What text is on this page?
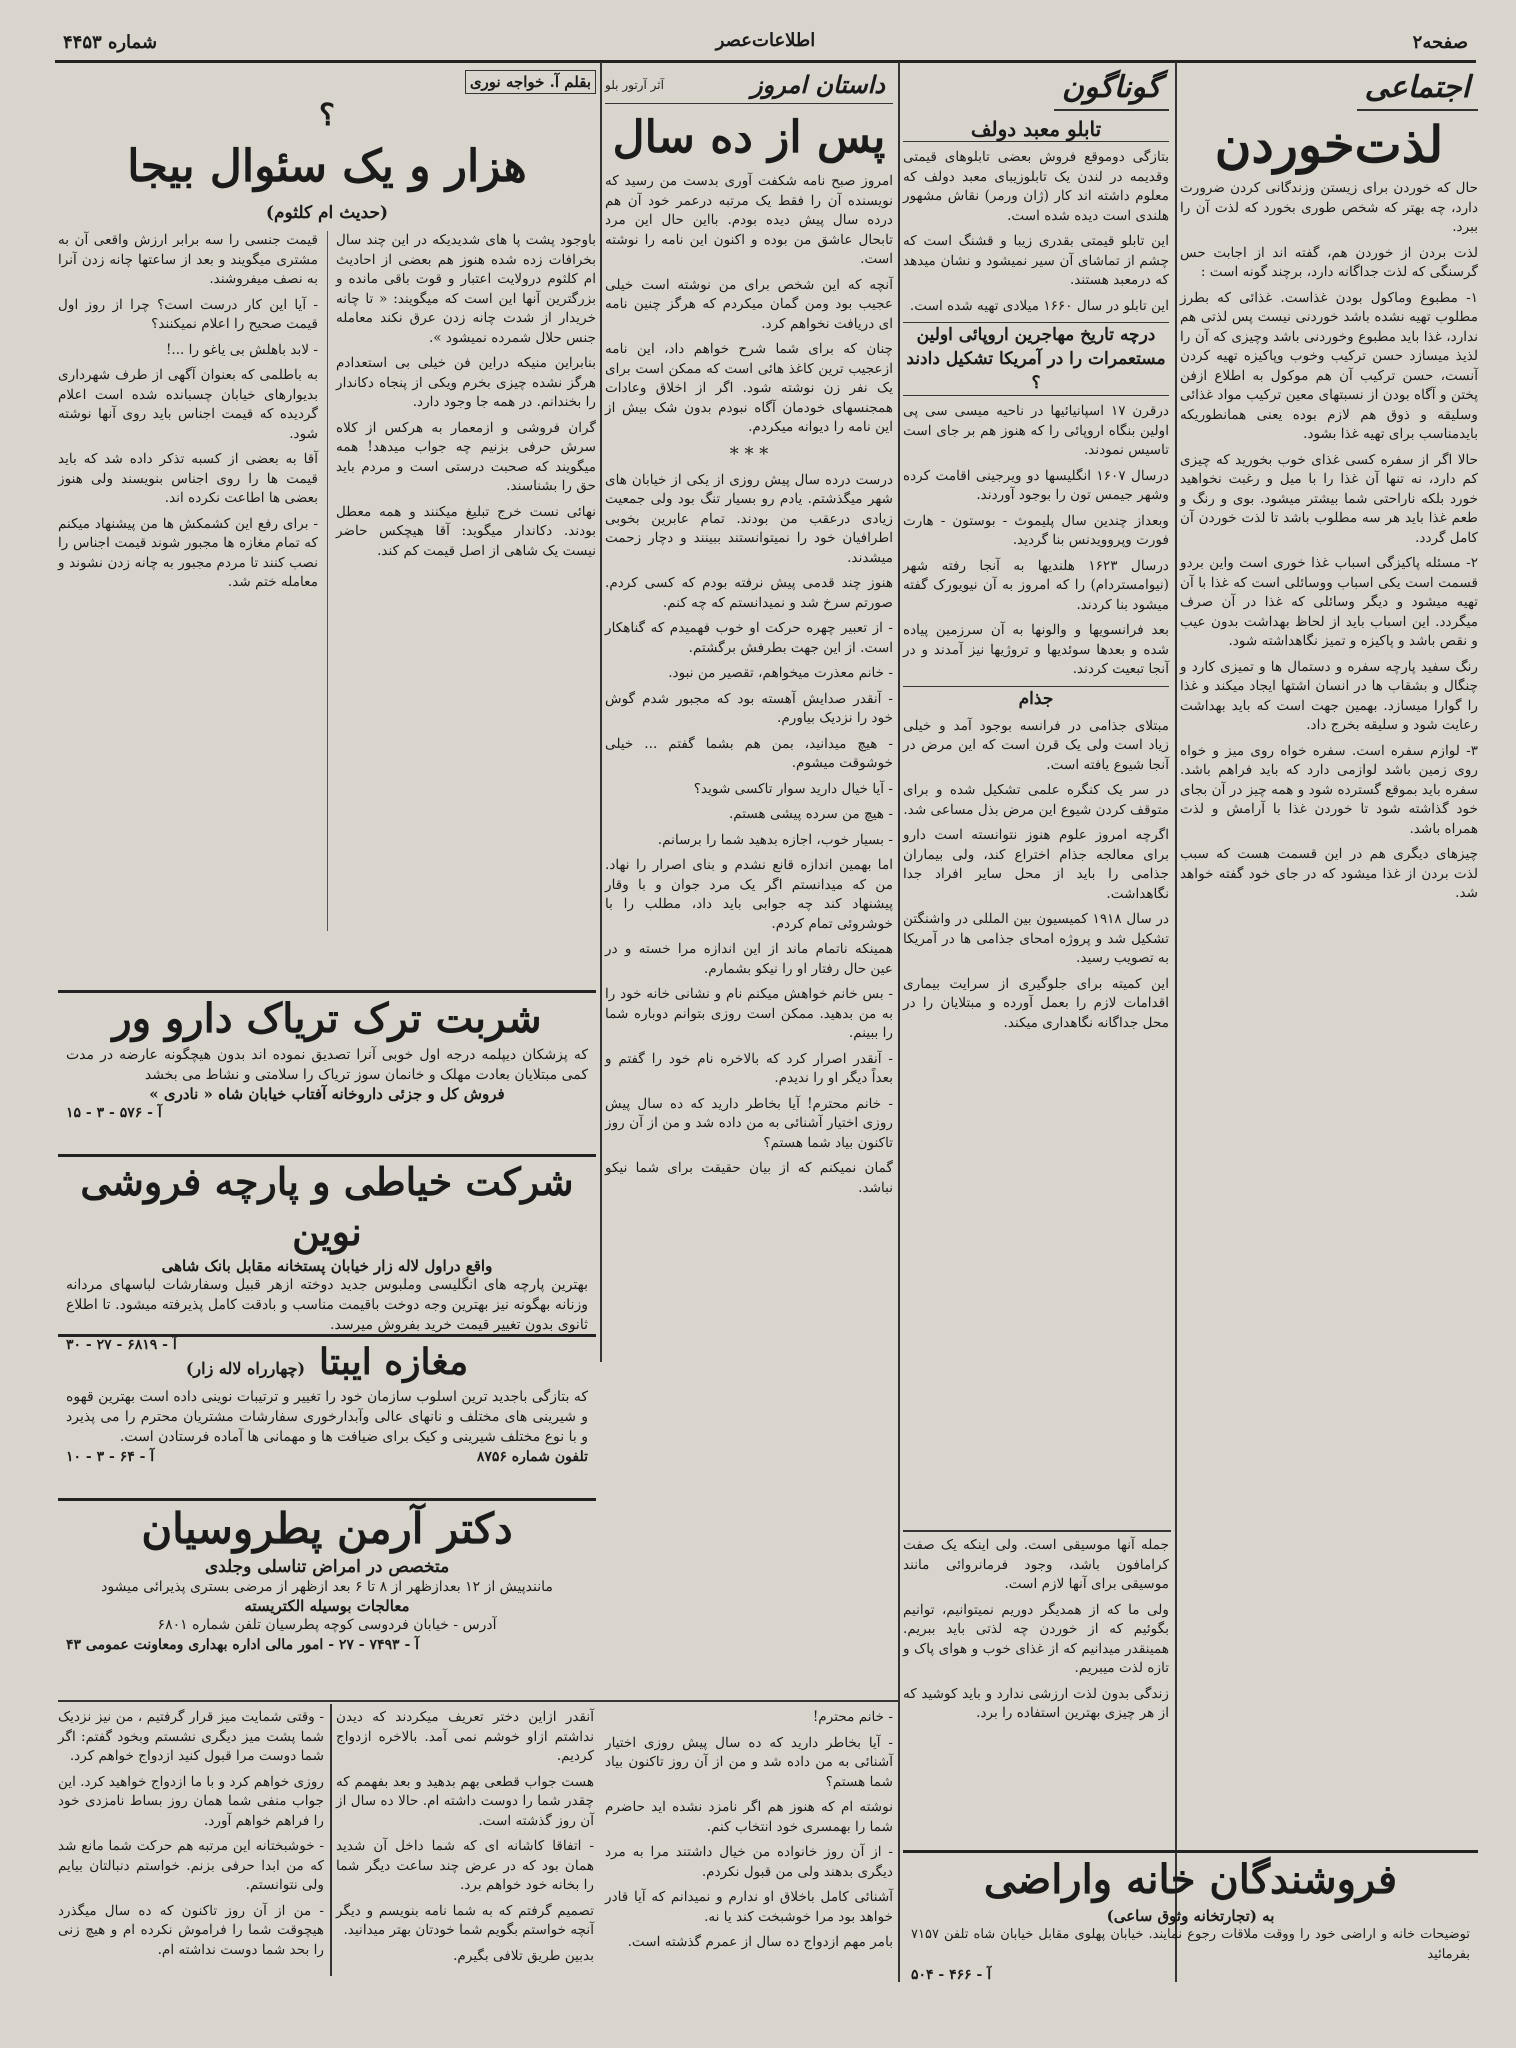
صفحه۲
اطلاعات‌عصر
شماره ۴۴۵۳
اجتماعی
لذت‌خوردن

حال که خوردن برای زیستن وزندگانی کردن ضرورت دارد، چه بهتر که شخص طوری بخورد که لذت آن را ببرد.

لذت بردن از خوردن هم، گفته اند از اجابت حس گرسنگی که لذت جداگانه دارد، برچند گونه است :

۱- مطبوع وماکول بودن غذاست. غذائی که بطرز مطلوب تهیه نشده باشد خوردنی نیست پس لذتی هم ندارد، غذا باید مطبوع وخوردنی باشد وچیزی که آن را لذیذ میسازد حسن ترکیب وخوب وپاکیزه تهیه کردن آنست، حسن ترکیب آن هم موکول به اطلاع ازفن پختن و آگاه بودن از نسبتهای معین ترکیب مواد غذائی وسلیقه و ذوق هم لازم بوده یعنی همانطوریکه بایدمناسب برای تهیه غذا بشود.

حالا اگر از سفره کسی غذای خوب بخورید که چیزی کم دارد، نه تنها آن غذا را با میل و رغبت نخواهید خورد بلکه ناراحتی شما بیشتر میشود. بوی و رنگ و طعم غذا باید هر سه مطلوب باشد تا لذت خوردن آن کامل گردد.

۲- مسئله پاکیزگی اسباب غذا خوری است واین بردو قسمت است یکی اسباب ووسائلی است که غذا با آن تهیه میشود و دیگر وسائلی که غذا در آن صرف میگردد. این اسباب باید از لحاظ بهداشت بدون عیب و نقص باشد و پاکیزه و تمیز نگاهداشته شود.

رنگ سفید پارچه سفره و دستمال ها و تمیزی کارد و چنگال و بشقاب ها در انسان اشتها ایجاد میکند و غذا را گوارا میسازد. بهمین جهت است که باید بهداشت رعایت شود و سلیقه بخرج داد.

۳- لوازم سفره است. سفره خواه روی میز و خواه روی زمین باشد لوازمی دارد که باید فراهم باشد. سفره باید بموقع گسترده شود و همه چیز در آن بجای خود گذاشته شود تا خوردن غذا با آرامش و لذت همراه باشد.

چیزهای دیگری هم در این قسمت هست که سبب لذت بردن از غذا میشود که در جای خود گفته خواهد شد.

گوناگون
تابلو معبد دولف

بتازگی دوموقع فروش بعضی تابلوهای قیمتی وقدیمه در لندن یک تابلوزیبای معبد دولف که معلوم داشته اند کار (ژان ورمر) نقاش مشهور هلندی است دیده شده است.

این تابلو قیمتی بقدری زیبا و قشنگ است که چشم از تماشای آن سیر نمیشود و نشان میدهد که درمعبد هستند.

این تابلو در سال ۱۶۶۰ میلادی تهیه شده است.

درچه تاریخ مهاجرین اروپائی اولین مستعمرات را در آمریکا تشکیل دادند ؟

درقرن ۱۷ اسپانیائیها در ناحیه میسی سی پی اولین بنگاه اروپائی را که هنوز هم بر جای است تاسیس نمودند.

درسال ۱۶۰۷ انگلیسها دو ویرجینی اقامت کرده وشهر جیمس تون را بوجود آوردند.

وبعداز چندین سال پلیموث - بوستون - هارت فورت وپروویدنس بنا گردید.

درسال ۱۶۲۳ هلندیها به آنجا رفته شهر (نیوامستردام) را که امروز به آن نیویورک گفته میشود بنا کردند.

بعد فرانسویها و والونها به آن سرزمین پیاده شده و بعدها سوئدیها و تروژیها نیز آمدند و در آنجا تبعیت کردند.

جذام

مبتلای جذامی در فرانسه بوجود آمد و خیلی زیاد است ولی یک قرن است که این مرض در آنجا شیوع یافته است.

در سر یک کنگره علمی تشکیل شده و برای متوقف کردن شیوع این مرض بذل مساعی شد.

اگرچه امروز علوم هنوز نتوانسته است دارو برای معالجه جذام اختراع کند، ولی بیماران جذامی را باید از محل سایر افراد جدا نگاهداشت.

در سال ۱۹۱۸ کمیسیون بین المللی در واشنگتن تشکیل شد و پروژه امحای جذامی ها در آمریکا به تصویب رسید.

این کمیته برای جلوگیری از سرایت بیماری اقدامات لازم را بعمل آورده و مبتلایان را در محل جداگانه نگاهداری میکند.

جمله آنها موسیقی است. ولی اینکه یک صفت کرامافون باشد، وجود فرمانروائی مانند موسیقی برای آنها لازم است.

ولی ما که از همدیگر دوریم نمیتوانیم، توانیم بگوئیم که از خوردن چه لذتی باید ببریم. همینقدر میدانیم که از غذای خوب و هوای پاک و تازه لذت میبریم.

زندگی بدون لذت ارزشی ندارد و باید کوشید که از هر چیزی بهترین استفاده را برد.

داستان امروز
آثر آرتور بلو
پس از ده سال

امروز صبح نامه شکفت آوری بدست من رسید که نویسنده آن را فقط یک مرتبه درعمر خود آن هم درده سال پیش دیده بودم. بااین حال این مرد تابحال عاشق من بوده و اکنون این نامه را نوشته است.

آنچه که این شخص برای من نوشته است خیلی عجیب بود ومن گمان میکردم که هرگز چنین نامه ای دریافت نخواهم کرد.

چنان که برای شما شرح خواهم داد، این نامه ازعجیب ترین کاغذ هائی است که ممکن است برای یک نفر زن نوشته شود. اگر از اخلاق وعادات همجنسهای خودمان آگاه نبودم بدون شک بیش از این نامه را دیوانه میکردم.

* * *

درست درده سال پیش روزی از یکی از خیابان های شهر میگذشتم. یادم رو بسیار تنگ بود ولی جمعیت زیادی درعقب من بودند. تمام عابرین بخوبی اطرافیان خود را نمیتوانستند ببینند و دچار زحمت میشدند.

هنوز چند قدمی پیش نرفته بودم که کسی کردم. صورتم سرخ شد و نمیدانستم که چه کنم.

- از تعبیر چهره حرکت او خوب فهمیدم که گناهکار است. از این جهت بطرفش برگشتم.

- خانم معذرت میخواهم، تقصیر من نبود.

- آنقدر صدایش آهسته بود که مجبور شدم گوش خود را نزدیک بیاورم.

- هیچ میدانید، بمن هم بشما گفتم ... خیلی خوشوقت میشوم.

- آیا خیال دارید سوار تاکسی شوید؟

- هیچ من سرده پیشی هستم.

- بسیار خوب، اجازه بدهید شما را برسانم.

اما بهمین اندازه قانع نشدم و بنای اصرار را نهاد. من که میدانستم اگر یک مرد جوان و با وقار پیشنهاد کند چه جوابی باید داد، مطلب را با خوشروئی تمام کردم.

همینکه ناتمام ماند از این اندازه مرا خسته و در عین حال رفتار او را نیکو بشمارم.

- بس خانم خواهش میکنم نام و نشانی خانه خود را به من بدهید. ممکن است روزی بتوانم دوباره شما را ببینم.

- آنقدر اصرار کرد که بالاخره نام خود را گفتم و بعداً دیگر او را ندیدم.

- خانم محترم! آیا بخاطر دارید که ده سال پیش روزی اختیار آشنائی به من داده شد و من از آن روز تاکنون بیاد شما هستم؟

گمان نمیکنم که از بیان حقیقت برای شما نیکو نباشد.

بقلم آ. خواجه نوری
؟
هزار و یک سئوال بیجا
(حدیث ام کلثوم)

باوجود پشت پا های شدیدیکه در این چند سال بخرافات زده شده هنوز هم بعضی از احادیث ام کلثوم درولایت اعتبار و قوت باقی مانده و بزرگترین آنها این است که میگویند: « تا چانه خریدار از شدت چانه زدن عرق نکند معامله جنس حلال شمرده نمیشود ».

بنابراین منیکه دراین فن خیلی بی استعدادم هرگز نشده چیزی بخرم ویکی از پنجاه دکاندار را بخندانم. در همه جا وجود دارد.

گران فروشی و ازمعمار به هرکس از کلاه سرش حرفی بزنیم چه جواب میدهد! همه میگویند که صحبت درستی است و مردم باید حق را بشناسند.

نهائی نست خرج تبلیغ میکنند و همه معطل بودند. دکاندار میگوید: آقا هیچکس حاضر نیست یک شاهی از اصل قیمت کم کند.

قیمت جنسی را سه برابر ارزش واقعی آن به مشتری میگویند و بعد از ساعتها چانه زدن آنرا به نصف میفروشند.

- آیا این کار درست است؟ چرا از روز اول قیمت صحیح را اعلام نمیکنند؟

- لابد باهلش بی یاغو را ...!

به باطلمی که بعنوان آگهی از طرف شهرداری بدیوارهای خیابان چسبانده شده است اعلام گردیده که قیمت اجناس باید روی آنها نوشته شود.

آقا به بعضی از کسبه تذکر داده شد که باید قیمت ها را روی اجناس بنویسند ولی هنوز بعضی ها اطاعت نکرده اند.

- برای رفع این کشمکش ها من پیشنهاد میکنم که تمام مغازه ها مجبور شوند قیمت اجناس را نصب کنند تا مردم مجبور به چانه زدن نشوند و معامله ختم شد.

شربت ترک تریاک دارو ور
که پزشکان دیپلمه درجه اول خوبی آنرا تصدیق نموده اند بدون هیچگونه عارضه در مدت کمی مبتلایان بعادت مهلک و خانمان سوز تریاک را سلامتی و نشاط می بخشد
فروش کل و جزئی داروخانه آفتاب خیابان شاه « نادری »
آ - ۵۷۶ - ۳ - ۱۵
شرکت خیاطی و پارچه فروشی نوین
واقع دراول لاله زار خیابان پستخانه مقابل بانک شاهی
بهترین پارچه های انگلیسی وملبوس جدید دوخته ازهر قبیل وسفارشات لباسهای مردانه وزنانه بهگونه نیز بهترین وجه دوخت باقیمت مناسب و بادقت کامل پذیرفته میشود. تا اطلاع ثانوی بدون تغییر قیمت خرید بفروش میرسد.
آ - ۶۸۱۹ - ۲۷ - ۳۰	مغازه ایبتا
(چهارراه لاله زار)
که بتازگی باجدید ترین اسلوب سازمان خود را تغییر و ترتیبات نوینی داده است بهترین قهوه و شیرینی های مختلف و نانهای عالی وآبدارخوری سفارشات مشتریان محترم را می پذیرد و با نوع مختلف شیرینی و کیک برای ضیافت ها و مهمانی ها آماده فرستادن است.
تلفون شماره ۸۷۵۶
آ - ۶۴ - ۳ - ۱۰
دکتر آرمن پطروسیان
متخصص در امراض تناسلی وجلدی
مانندپیش از ۱۲ بعدازظهر از ۸ تا ۶ بعد ازظهر از مرضی بستری پذیرائی میشود
معالجات بوسیله الکتریسته
آدرس - خیابان فردوسی کوچه پطرسیان تلفن شماره ۶۸۰۱
آ - ۷۴۹۳ - ۲۷ - امور مالی اداره بهداری ومعاونت عمومی ۴۳

- وقتی شمایت میز قرار گرفتیم ، من نیز نزدیک شما پشت میز دیگری نشستم وبخود گفتم: اگر شما دوست مرا قبول کنید ازدواج خواهم کرد.

روزی خواهم کرد و با ما ازدواج خواهید کرد. این جواب منفی شما همان روز بساط نامزدی خود را فراهم خواهم آورد.

- خوشبختانه این مرتبه هم حرکت شما مانع شد که من ابدا حرفی بزنم. خواستم دنبالتان بیایم ولی نتوانستم.

- من از آن روز تاکنون که ده سال میگذرد هیچوقت شما را فراموش نکرده ام و هیچ زنی را بحد شما دوست نداشته ام.

آنقدر ازاین دختر تعریف میکردند که دیدن نداشتم ازاو خوشم نمی آمد. بالاخره ازدواج کردیم.

هست جواب قطعی بهم بدهید و بعد بفهمم که چقدر شما را دوست داشته ام. حالا ده سال از آن روز گذشته است.

- اتفاقا کاشانه ای که شما داخل آن شدید همان بود که در عرض چند ساعت دیگر شما را بخانه خود خواهم برد.

تصمیم گرفتم که به شما نامه بنویسم و دیگر آنچه خواستم بگویم شما خودتان بهتر میدانید.

بدبین طریق تلافی بگیرم.

- خانم محترم!

- آیا بخاطر دارید که ده سال پیش روزی اختیار آشنائی به من داده شد و من از آن روز تاکنون بیاد شما هستم؟

نوشته ام که هنوز هم اگر نامزد نشده اید حاضرم شما را بهمسری خود انتخاب کنم.

- از آن روز خانواده من خیال داشتند مرا به مرد دیگری بدهند ولی من قبول نکردم.

آشنائی کامل باخلاق او ندارم و نمیدانم که آیا قادر خواهد بود مرا خوشبخت کند یا نه.

بامر مهم ازدواج ده سال از عمرم گذشته است.

فروشندگان خانه واراضی
به (تجارتخانه وثوق ساعی)
توضیحات خانه و اراضی خود را ووقت ملاقات رجوع نمایند. خیابان پهلوی مقابل خیابان شاه تلفن ۷۱۵۷ بفرمائید
آ - ۴۶۶ - ۵۰۴
